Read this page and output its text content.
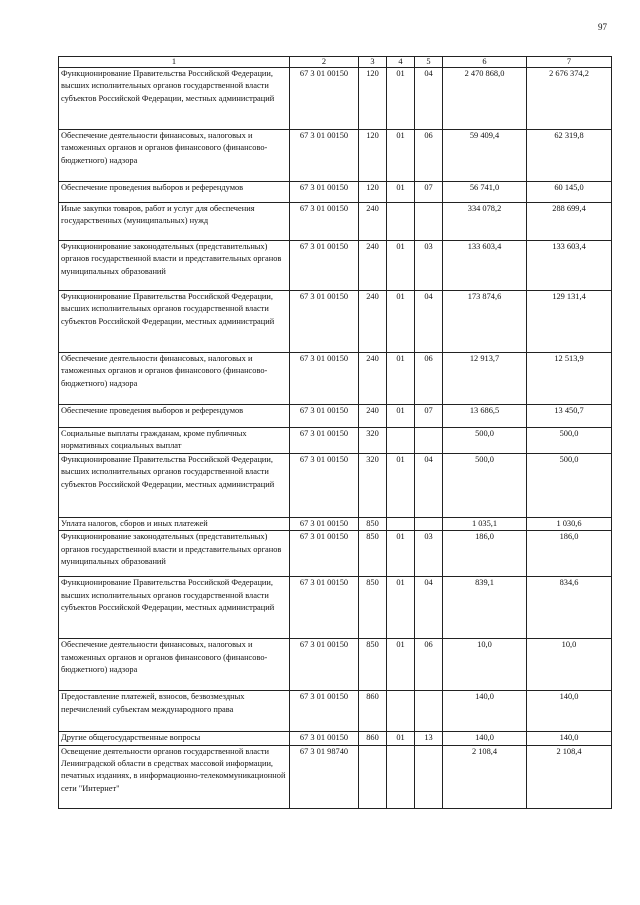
97
1	2	3	4	5	6	7
Функционирование Правительства Российской Федерации, высших исполнительных органов государственной власти субъектов Российской Федерации, местных администраций	67 3 01 00150	120	01	04	2 470 868,0	2 676 374,2
Обеспечение деятельности финансовых, налоговых и таможенных органов и органов финансового (финансово-бюджетного) надзора	67 3 01 00150	120	01	06	59 409,4	62 319,8
Обеспечение проведения выборов и референдумов	67 3 01 00150	120	01	07	56 741,0	60 145,0
Иные закупки товаров, работ и услуг для обеспечения государственных (муниципальных) нужд	67 3 01 00150	240			334 078,2	288 699,4
Функционирование законодательных (представительных) органов государственной власти и представительных органов муниципальных образований	67 3 01 00150	240	01	03	133 603,4	133 603,4
Функционирование Правительства Российской Федерации, высших исполнительных органов государственной власти субъектов Российской Федерации, местных администраций	67 3 01 00150	240	01	04	173 874,6	129 131,4
Обеспечение деятельности финансовых, налоговых и таможенных органов и органов финансового (финансово-бюджетного) надзора	67 3 01 00150	240	01	06	12 913,7	12 513,9
Обеспечение проведения выборов и референдумов	67 3 01 00150	240	01	07	13 686,5	13 450,7
Социальные выплаты гражданам, кроме публичных нормативных социальных выплат	67 3 01 00150	320			500,0	500,0
Функционирование Правительства Российской Федерации, высших исполнительных органов государственной власти субъектов Российской Федерации, местных администраций	67 3 01 00150	320	01	04	500,0	500,0
Уплата налогов, сборов и иных платежей	67 3 01 00150	850			1 035,1	1 030,6
Функционирование законодательных (представительных) органов государственной власти и представительных органов муниципальных образований	67 3 01 00150	850	01	03	186,0	186,0
Функционирование Правительства Российской Федерации, высших исполнительных органов государственной власти субъектов Российской Федерации, местных администраций	67 3 01 00150	850	01	04	839,1	834,6
Обеспечение деятельности финансовых, налоговых и таможенных органов и органов финансового (финансово-бюджетного) надзора	67 3 01 00150	850	01	06	10,0	10,0
Предоставление платежей, взносов, безвозмездных перечислений субъектам международного права	67 3 01 00150	860			140,0	140,0
Другие общегосударственные вопросы	67 3 01 00150	860	01	13	140,0	140,0
Освещение деятельности органов государственной власти Ленинградской области в средствах массовой информации, печатных изданиях, в информационно-телекоммуникационной сети "Интернет"	67 3 01 98740				2 108,4	2 108,4
